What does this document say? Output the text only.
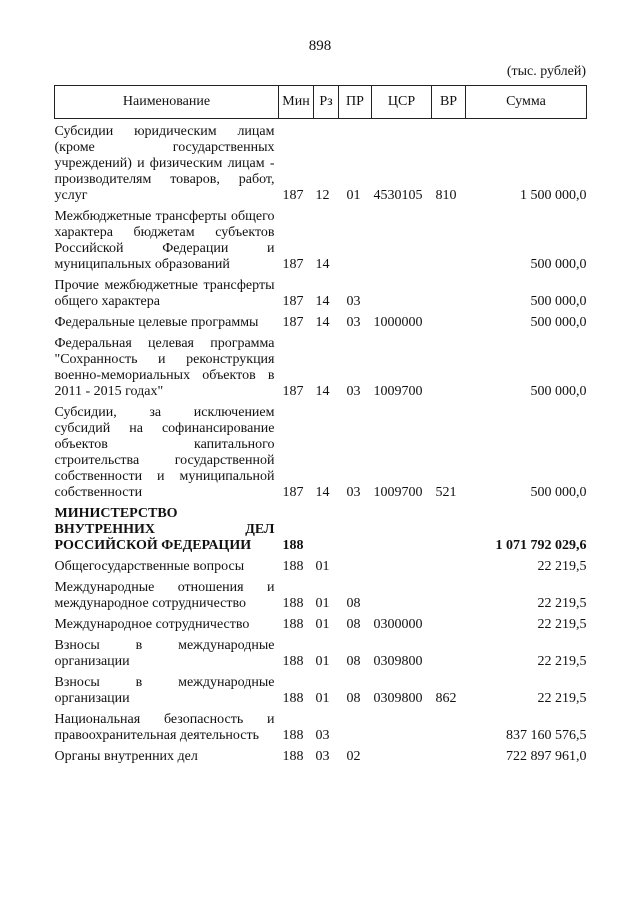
898
(тыс. рублей)
Наименование	Мин	Рз	ПР	ЦСР	ВР	Сумма
Субсидии юридическим лицам (кроме государственных учреждений) и физическим лицам - производителям товаров, работ, услуг	187	12	01	4530105	810	1 500 000,0
Межбюджетные трансферты общего характера бюджетам субъектов Российской Федерации и муниципальных образований	187	14				500 000,0
Прочие межбюджетные трансферты общего характера	187	14	03			500 000,0
Федеральные целевые программы	187	14	03	1000000		500 000,0
Федеральная целевая программа "Сохранность и реконструкция военно-мемориальных объектов в 2011 - 2015 годах"	187	14	03	1009700		500 000,0
Субсидии, за исключением субсидий на софинансирование объектов капитального строительства государственной собственности и муниципальной собственности	187	14	03	1009700	521	500 000,0
МИНИСТЕРСТВО ВНУТРЕННИХ ДЕЛ РОССИЙСКОЙ ФЕДЕРАЦИИ	188					1 071 792 029,6
Общегосударственные вопросы	188	01				22 219,5
Международные отношения и международное сотрудничество	188	01	08			22 219,5
Международное сотрудничество	188	01	08	0300000		22 219,5
Взносы в международные организации	188	01	08	0309800		22 219,5
Взносы в международные организации	188	01	08	0309800	862	22 219,5
Национальная безопасность и правоохранительная деятельность	188	03				837 160 576,5
Органы внутренних дел	188	03	02			722 897 961,0
